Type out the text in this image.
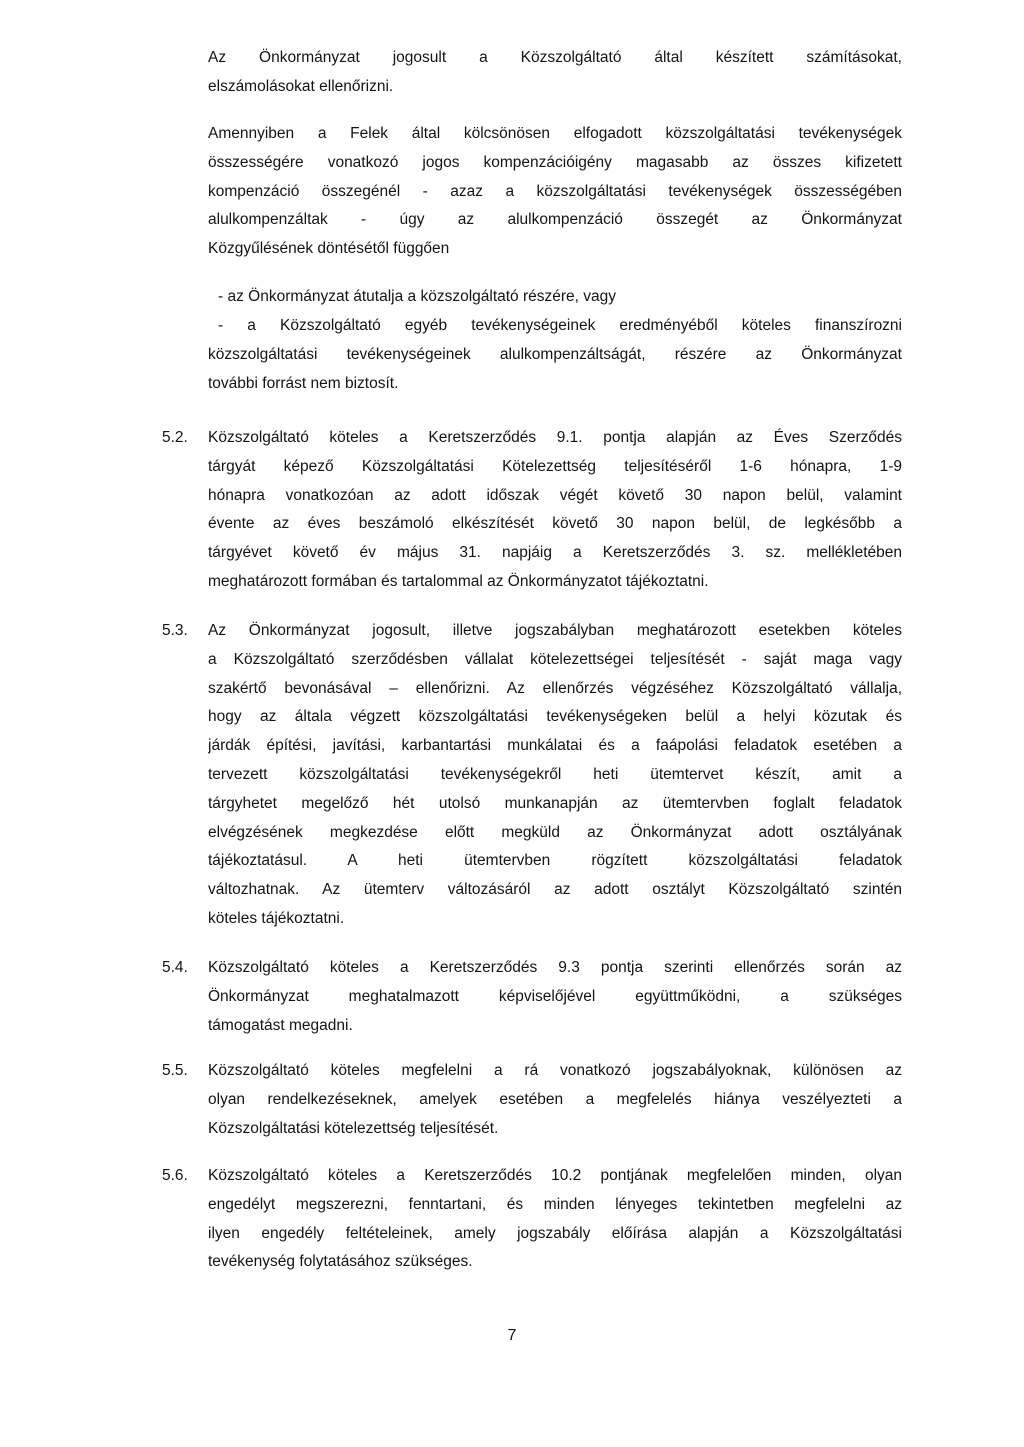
Az Önkormányzat jogosult a Közszolgáltató által készített számításokat,
elszámolásokat ellenőrizni.
Amennyiben a Felek által kölcsönösen elfogadott közszolgáltatási tevékenységek
összességére vonatkozó jogos kompenzációigény magasabb az összes kifizetett
kompenzáció összegénél - azaz a közszolgáltatási tevékenységek összességében
alulkompenzáltak - úgy az alulkompenzáció összegét az Önkormányzat
Közgyűlésének döntésétől függően
- az Önkormányzat átutalja a közszolgáltató részére, vagy
- a Közszolgáltató egyéb tevékenységeinek eredményéből köteles finanszírozni
közszolgáltatási tevékenységeinek alulkompenzáltságát, részére az Önkormányzat
további forrást nem biztosít.
5.2. Közszolgáltató köteles a Keretszerződés 9.1. pontja alapján az Éves Szerződés
tárgyát képező Közszolgáltatási Kötelezettség teljesítéséről 1-6 hónapra, 1-9
hónapra vonatkozóan az adott időszak végét követő 30 napon belül, valamint
évente az éves beszámoló elkészítését követő 30 napon belül, de legkésőbb a
tárgyévet követő év május 31. napjáig a Keretszerződés 3. sz. mellékletében
meghatározott formában és tartalommal az Önkormányzatot tájékoztatni.
5.3. Az Önkormányzat jogosult, illetve jogszabályban meghatározott esetekben köteles
a Közszolgáltató szerződésben vállalat kötelezettségei teljesítését - saját maga vagy
szakértő bevonásával – ellenőrizni. Az ellenőrzés végzéséhez Közszolgáltató vállalja,
hogy az általa végzett közszolgáltatási tevékenységeken belül a helyi közutak és
járdák építési, javítási, karbantartási munkálatai és a faápolási feladatok esetében a
tervezett közszolgáltatási tevékenységekről heti ütemtervet készít, amit a
tárgyhetet megelőző hét utolsó munkanapján az ütemtervben foglalt feladatok
elvégzésének megkezdése előtt megküld az Önkormányzat adott osztályának
tájékoztatásul. A heti ütemtervben rögzített közszolgáltatási feladatok
változhatnak. Az ütemterv változásáról az adott osztályt Közszolgáltató szintén
köteles tájékoztatni.
5.4. Közszolgáltató köteles a Keretszerződés 9.3 pontja szerinti ellenőrzés során az
Önkormányzat meghatalmazott képviselőjével együttműködni, a szükséges
támogatást megadni.
5.5. Közszolgáltató köteles megfelelni a rá vonatkozó jogszabályoknak, különösen az
olyan rendelkezéseknek, amelyek esetében a megfelelés hiánya veszélyezteti a
Közszolgáltatási kötelezettség teljesítését.
5.6. Közszolgáltató köteles a Keretszerződés 10.2 pontjának megfelelően minden, olyan
engedélyt megszerezni, fenntartani, és minden lényeges tekintetben megfelelni az
ilyen engedély feltételeinek, amely jogszabály előírása alapján a Közszolgáltatási
tevékenység folytatásához szükséges.
7
